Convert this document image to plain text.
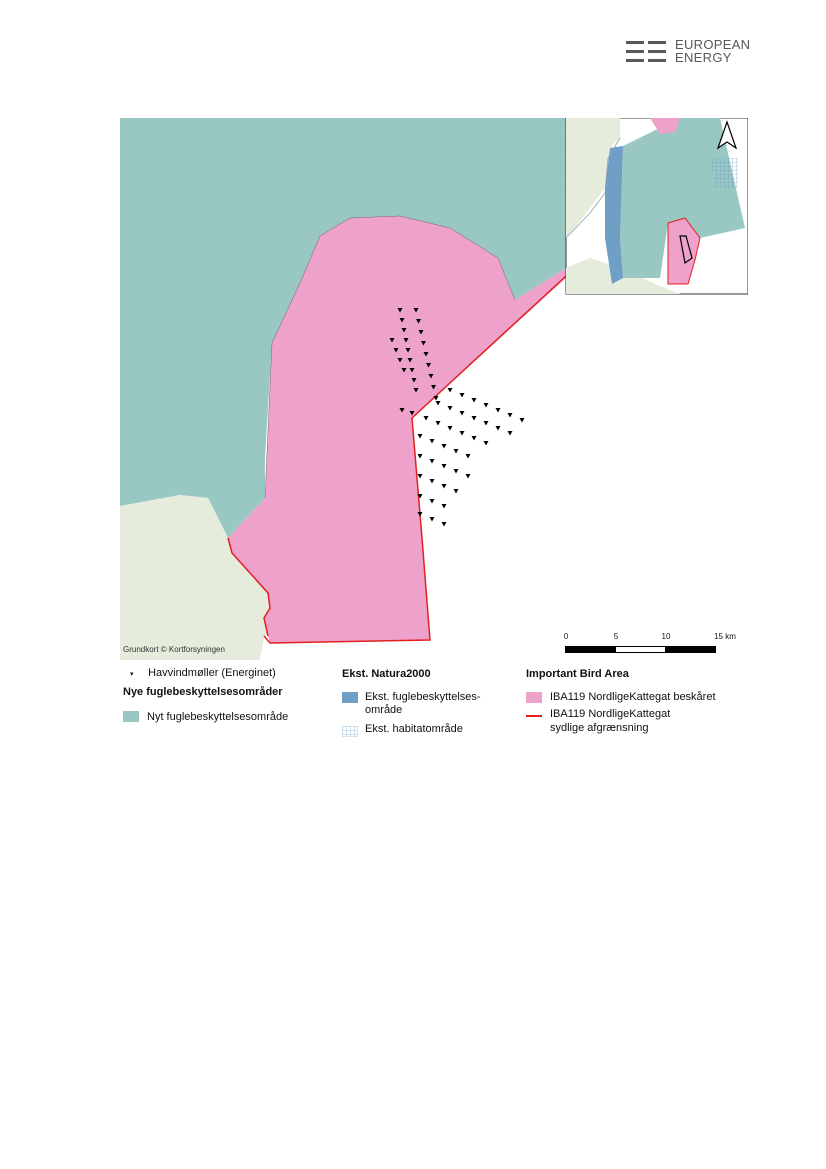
EUROPEAN
ENERGY
Grundkort © Kortforsyningen
0	5	10	15 km
▾ Havvindmøller (Energinet)
Nye fuglebeskyttelsesområder
Nyt fuglebeskyttelsesområde
Ekst. Natura2000
Ekst. fuglebeskyttelses-
område
Ekst. habitatområde
Important Bird Area
IBA119 NordligeKattegat beskåret
IBA119 NordligeKattegat
sydlige afgrænsning
